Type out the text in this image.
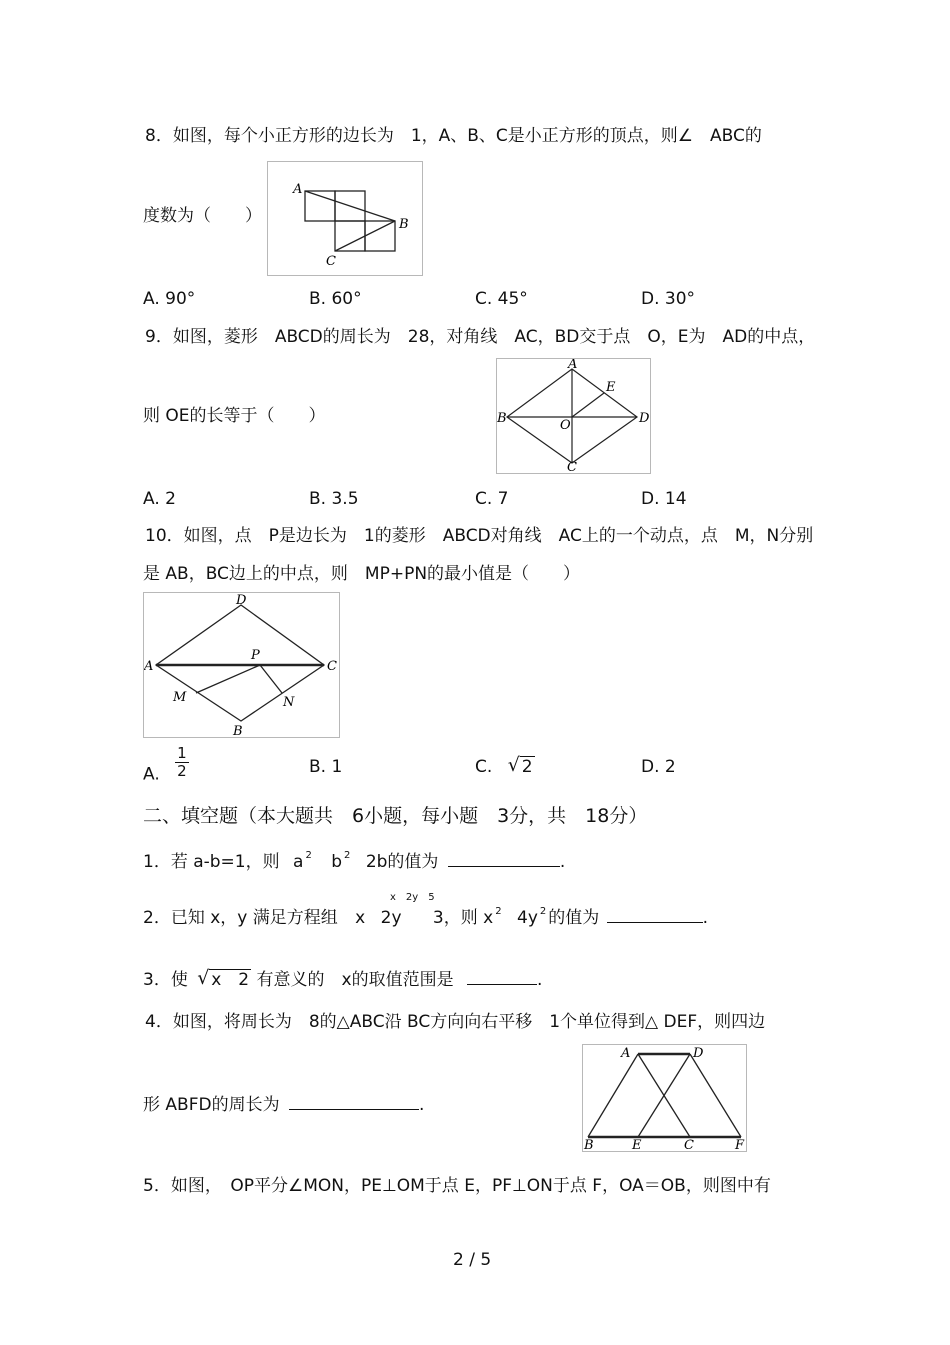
8．如图，每个小正方形的边长为　1，A、B、C是小正方形的顶点，则∠　ABC的
度数为（　　）
A
B
C
A. 90°	B. 60°	C. 45°	D. 30°
9．如图，菱形　ABCD的周长为　28，对角线　AC，BD交于点　O，E为　AD的中点，
则 OE的长等于（　　）
A
E
B	O	D
C
A. 2	B. 3.5	C. 7	D. 14
10．如图，点　P是边长为　1的菱形　ABCD对角线　AC上的一个动点，点　M，N分别
是 AB，BC边上的中点，则　MP+PN的最小值是（　　）
D
P
A	C
M	N
B
A. $\frac{1}{2}$	B. 1	C. √ 2	D. 2
二、填空题（本大题共　6小题，每小题　3分，共　18分）
1．若 a-b=1，则 a $^2$ b $^2$ 2b的值为	.
x　2y　5
2．已知 x，y 满足方程组 x 2y 3，则 x $^2$ 4y $^2$ 的值为	.
3．使 √ x　2 有意义的　x的取值范围是	.
4．如图，将周长为　8的△ABC沿 BC方向向右平移　1个单位得到△ DEF，则四边
形 ABFD的周长为	.
A	D
B	E	C	F
5．如图，　OP平分∠MON，PE⊥OM于点 E，PF⊥ON于点 F，OA＝OB，则图中有
2 / 5
